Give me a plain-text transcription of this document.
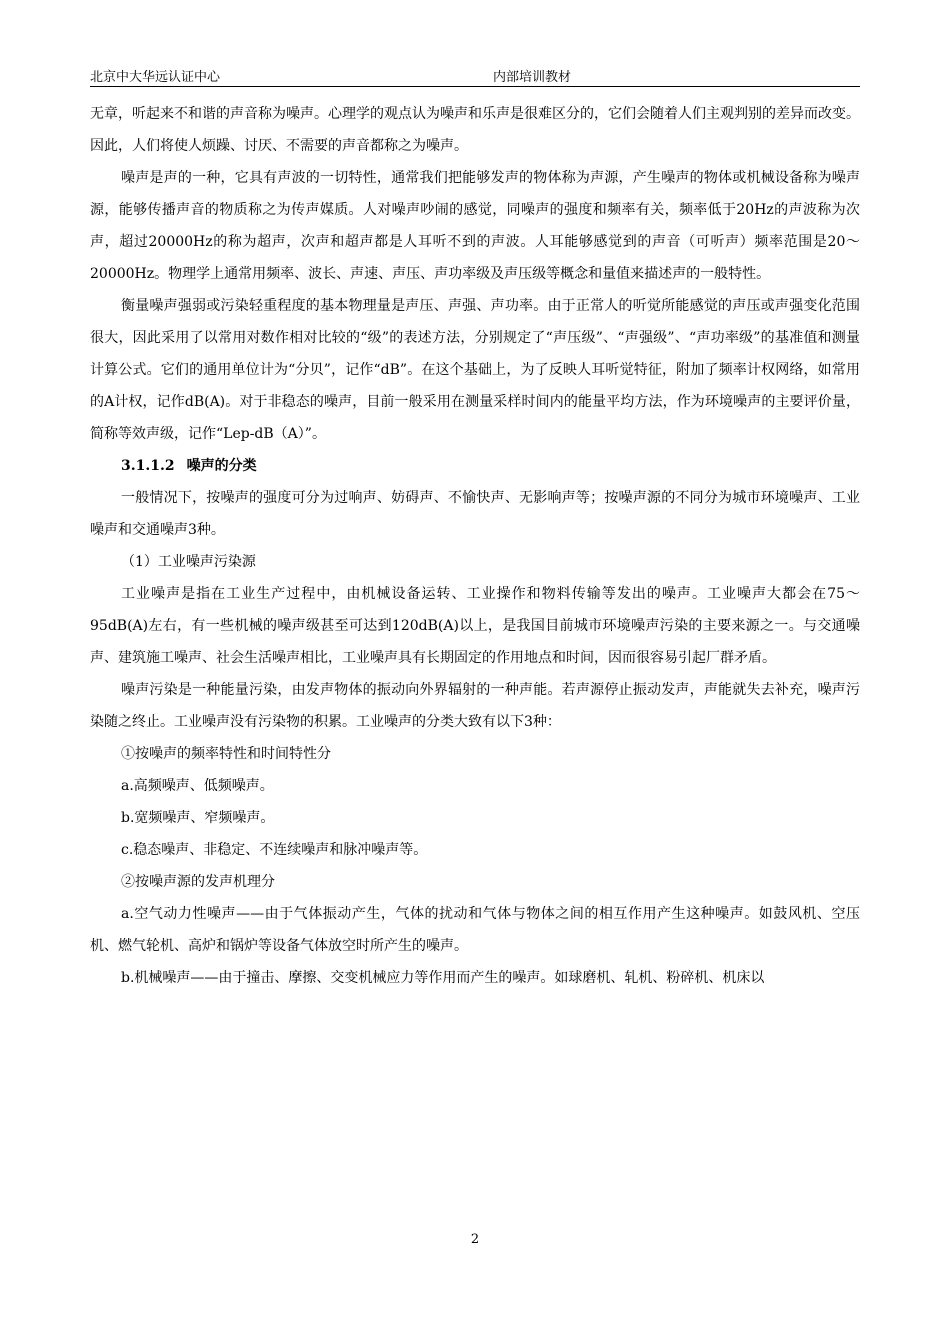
北京中大华远认证中心	内部培训教材

无章，听起来不和谐的声音称为噪声。心理学的观点认为噪声和乐声是很难区分的，它们会随着人们主观判别的差异而改变。因此，人们将使人烦躁、讨厌、不需要的声音都称之为噪声。

噪声是声的一种，它具有声波的一切特性，通常我们把能够发声的物体称为声源，产生噪声的物体或机械设备称为噪声源，能够传播声音的物质称之为传声媒质。人对噪声吵闹的感觉，同噪声的强度和频率有关，频率低于20Hz的声波称为次声，超过20000Hz的称为超声，次声和超声都是人耳听不到的声波。人耳能够感觉到的声音（可听声）频率范围是20～20000Hz。物理学上通常用频率、波长、声速、声压、声功率级及声压级等概念和量值来描述声的一般特性。

衡量噪声强弱或污染轻重程度的基本物理量是声压、声强、声功率。由于正常人的听觉所能感觉的声压或声强变化范围很大，因此采用了以常用对数作相对比较的“级”的表述方法，分别规定了“声压级”、“声强级”、“声功率级”的基准值和测量计算公式。它们的通用单位计为“分贝”，记作“dB”。在这个基础上，为了反映人耳听觉特征，附加了频率计权网络，如常用的A计权，记作dB(A)。对于非稳态的噪声，目前一般采用在测量采样时间内的能量平均方法，作为环境噪声的主要评价量，简称等效声级，记作“Lep-dB（A）”。

3.1.1.2 噪声的分类

一般情况下，按噪声的强度可分为过响声、妨碍声、不愉快声、无影响声等；按噪声源的不同分为城市环境噪声、工业噪声和交通噪声3种。

（1）工业噪声污染源

工业噪声是指在工业生产过程中，由机械设备运转、工业操作和物料传输等发出的噪声。工业噪声大都会在75～95dB(A)左右，有一些机械的噪声级甚至可达到120dB(A)以上，是我国目前城市环境噪声污染的主要来源之一。与交通噪声、建筑施工噪声、社会生活噪声相比，工业噪声具有长期固定的作用地点和时间，因而很容易引起厂群矛盾。

噪声污染是一种能量污染，由发声物体的振动向外界辐射的一种声能。若声源停止振动发声，声能就失去补充，噪声污染随之终止。工业噪声没有污染物的积累。工业噪声的分类大致有以下3种：

①按噪声的频率特性和时间特性分

a.高频噪声、低频噪声。

b.宽频噪声、窄频噪声。

c.稳态噪声、非稳定、不连续噪声和脉冲噪声等。

②按噪声源的发声机理分

a.空气动力性噪声——由于气体振动产生，气体的扰动和气体与物体之间的相互作用产生这种噪声。如鼓风机、空压机、燃气轮机、高炉和锅炉等设备气体放空时所产生的噪声。

b.机械噪声——由于撞击、摩擦、交变机械应力等作用而产生的噪声。如球磨机、轧机、粉碎机、机床以

2
